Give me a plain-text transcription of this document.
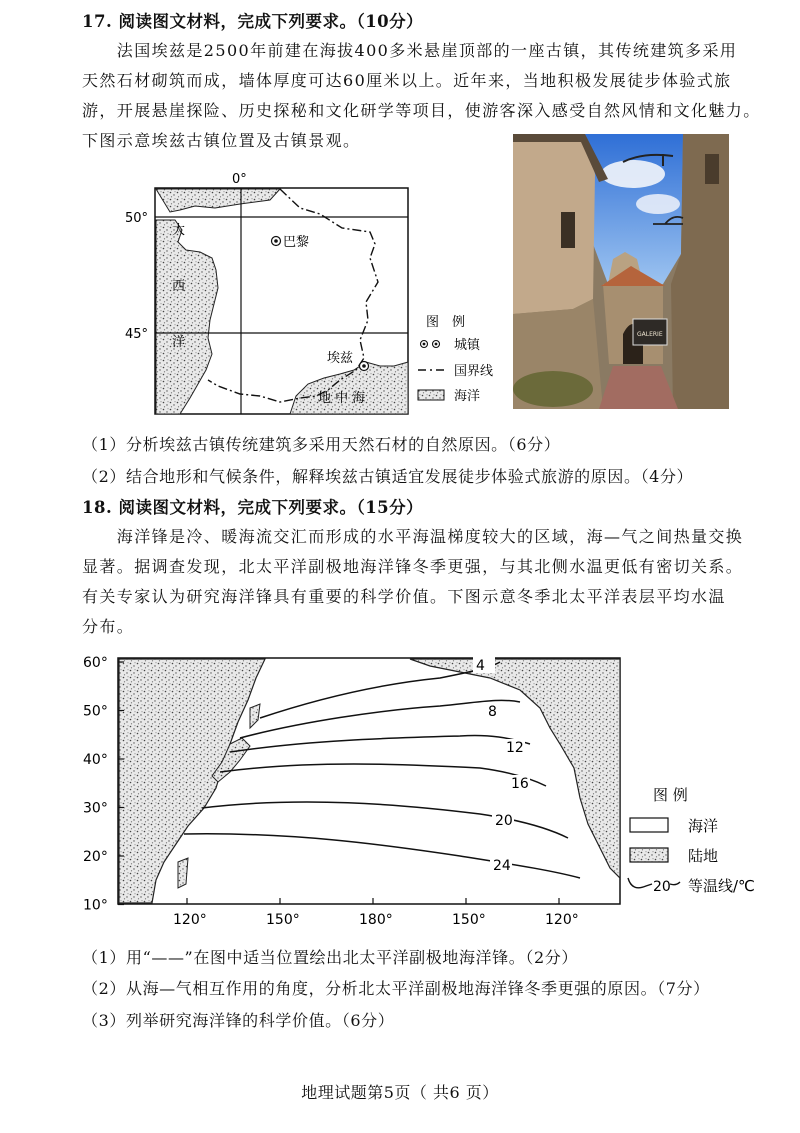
17. 阅读图文材料，完成下列要求。（10分）
　　法国埃兹是2500年前建在海拔400多米悬崖顶部的一座古镇，其传统建筑多采用
天然石材砌筑而成，墙体厚度可达60厘米以上。近年来，当地积极发展徒步体验式旅
游，开展悬崖探险、历史探秘和文化研学等项目，使游客深入感受自然风情和文化魅力。
下图示意埃兹古镇位置及古镇景观。
巴黎
埃兹
大
西
洋
地 中 海
0°
50°
45°
图　例
城镇
国界线
海洋
GALERIE
（1）分析埃兹古镇传统建筑多采用天然石材的自然原因。（6分）
（2）结合地形和气候条件，解释埃兹古镇适宜发展徒步体验式旅游的原因。（4分）
18. 阅读图文材料，完成下列要求。（15分）
　　海洋锋是冷、暖海流交汇而形成的水平海温梯度较大的区域，海—气之间热量交换
显著。据调查发现，北太平洋副极地海洋锋冬季更强，与其北侧水温更低有密切关系。
有关专家认为研究海洋锋具有重要的科学价值。下图示意冬季北太平洋表层平均水温
分布。
4
8
12
16
20
24
60°
50°
40°
30°
20°
10°
120°	150°	180°	150°	120°
图 例
海洋
陆地
20 等温线/℃
（1）用“——”在图中适当位置绘出北太平洋副极地海洋锋。（2分）
（2）从海—气相互作用的角度，分析北太平洋副极地海洋锋冬季更强的原因。（7分）
（3）列举研究海洋锋的科学价值。（6分）
地理试题第5页（ 共6 页）
